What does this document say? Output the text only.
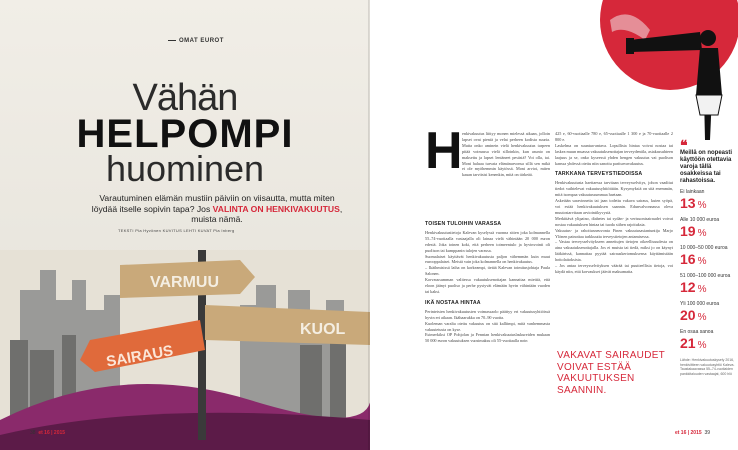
OMAT EUROT
Vähän
HELPOMPI
huominen
Varautuminen elämän mustiin päiviin on viisautta, mutta miten löydää itselle sopivin tapa? Jos VALINTA ON HENKIVAKUUTUS, muista nämä.
TEKSTI Pia Hyvönen KUVITUS LEHTI KUVAT Pia Inberg
VARMUU
KUOL
SAIRAUS
38 et 16 | 2015
H enkivakuutus liittyy monen mielessä aikaan, jolloin lapset ovat pieniä ja velat perheen kodista suuria. Mutta onko aminein vielä henkivakuutus tarpeen pitää voimassa vielä silloinkin, kun asunto on maksettu ja lapset lentäneet pesästä? Voi olla, tai. Moni haluaa turvata elämänarvonsa sillä sen mikä ei ole myöhemmin käytössä. Moni arvioi, miten kauan tarvitsisi kenenkin, mitä on tärkeää.

TOISEN TULOIHIN VARASSA

Henkivakuutustietoja Kalevan kyselyssä vuonna sitten joka kolmannella 55–74-vuotiaalla vastaajalla oli lainaa vielä vähintään 20 000 euron edestä. Joka toinen koki, että perheen toimeentulo ja hyvinvointi oli puolison tai kumppanin tulojen varassa.

Suomalaiset käyttävät henkivakuutusta paljon vähemmän kuin muut eurooppalaiset. Meistä vain joka kolmannella on henkivakuutus.

– Ikäihmisissä laiha on korkeampi, tietää Kalevan toimitusjohtaja Paula Salonen.

Korvaussumman valitessa vakuutuksenottajan kannattaa miettiä, että eloon jäänyt puoliso ja perhe pystyvät elämään hyvin vähintään vuoden tai kaksi.

IKÄ NOSTAA HINTAA

Perinteisten henkivakuutusten voimassaolo päättyy eri vakuutusyhtiöissä hyvin eri aikaan. Ikähaarukka on 70–90 vuotta.

Kuoleman varalta otettu vakuutus on sitä kalliimpi, mitä vanhemmasta vakuutetusta on kyse.

Esimerkiksi OP Pohjolan ja Fennian henkivakuutuslaskureiden mukaan 50 000 euron vakuutuksen vuosimaksu oli 55-vuotiaalla noin

425 e, 60-vuotiaalle 780 e, 65-vuotiaalle 1 300 e ja 70-vuotiaalle 2 800 e.

Laskelma on suuntaa-antava. Lopullista hintaa voivat nostaa tai laskea muun muassa vakuutuksenottajan terveydentila, asiakassuhteen laajuus ja se, onko kyseessä yhden hengen vakuutus vai puolison kanssa yhdessä otettu niin sanottu pariturvavakuutus.

TARKKANA TERVEYSTIEDOISSA

Henkivakuutusta haettaessa tarvitaan terveysselvitys, johon vaaditut tiedot vaihtelevat vakuutusyhtiöittäin. Kysymyksiä on sitä enemmän, mitä isompaa vakuutussummaa haetaan.

Asketään saravinnetta tai jaan todettu vakava sairaus, kuten syöpä, voi estää henkivakuutuksen saannin. Edunvalvonnassa oleva muutostarvitaan arviointikyvystä.

Merkittävä ylipaino, diabetes tai sydän- ja verisuonisairaudet voivat nostaa vakuutuksen hintaa tai tuoda siihen rajoituksia.

Vakuutus- ja rahoitusneuvonta Finen vakuutusasiantuntija Marjo Ylönen painottaa tarkkuutta terveystietojen antamisessa.

– Vastaa terveysselvitykseen annettujen tietojen oikeellisuudesta on aina vakuutuksenottajalla. Jos ei muista tai tiedä, miksi jo on käynyt lääkärissä, kannattaa pyytää sairauskertomuksensa käyttämistään hoitolaitoksista.

– Jos antaa terveysselvityksen väärää tai puutteellisia tietoja, voi käydä niin, että korvaukset jäävät maksamatta.

VAKAVAT SAIRAUDET VOIVAT ESTÄÄ VAKUUTUKSEN SAANNIN.
❝
Meillä on nopeasti käyttöön otettavia varoja tällä osakkeissa tai rahastoissa.
Ei lainkaan
13 %
Alle 10 000 euroa
19 %
10 000–50 000 euroa
16 %
51 000–100 000 euroa
12 %
Yli 100 000 euroa
20 %
En osaa sanoa
21 %
Lähde: Henkivakuutuskysely 2016, henkiviitteen vakuutusyhtiö Kaleva. Taustakaavassa 55–74-vuotiaiden pankkitalouden vastaajat, 600 hlö
et 16 | 2015 39
